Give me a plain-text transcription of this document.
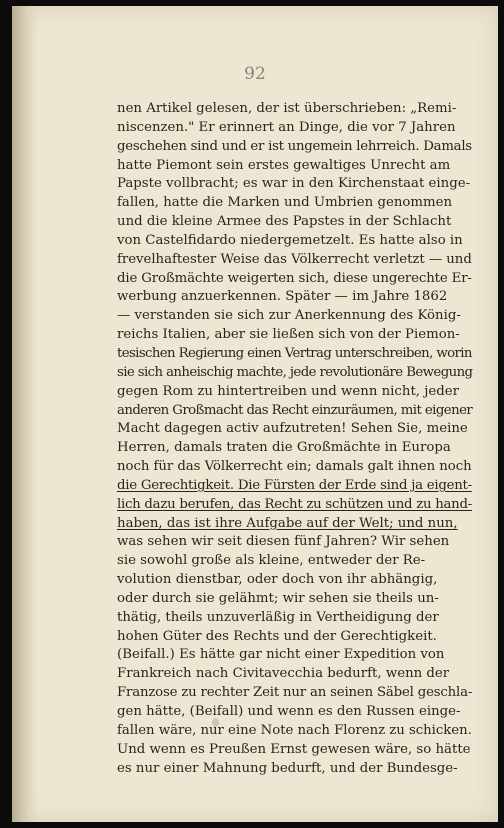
92
nen Artikel gelesen, der ist überschrieben: „Remi-
niscenzen." Er erinnert an Dinge, die vor 7 Jahren
geschehen sind und er ist ungemein lehrreich. Damals
hatte Piemont sein erstes gewaltiges Unrecht am
Papste vollbracht; es war in den Kirchenstaat einge-
fallen, hatte die Marken und Umbrien genommen
und die kleine Armee des Papstes in der Schlacht
von Castelfidardo niedergemetzelt. Es hatte also in
frevelhaftester Weise das Völkerrecht verletzt — und
die Großmächte weigerten sich, diese ungerechte Er-
werbung anzuerkennen. Später — im Jahre 1862
— verstanden sie sich zur Anerkennung des König-
reichs Italien, aber sie ließen sich von der Piemon-
tesischen Regierung einen Vertrag unterschreiben, worin
sie sich anheischig machte, jede revolutionäre Bewegung
gegen Rom zu hintertreiben und wenn nicht, jeder
anderen Großmacht das Recht einzuräumen, mit eigener
Macht dagegen activ aufzutreten! Sehen Sie, meine
Herren, damals traten die Großmächte in Europa
noch für das Völkerrecht ein; damals galt ihnen noch
die Gerechtigkeit. Die Fürsten der Erde sind ja eigent-
lich dazu berufen, das Recht zu schützen und zu hand-
haben, das ist ihre Aufgabe auf der Welt; und nun,
was sehen wir seit diesen fünf Jahren? Wir sehen
sie sowohl große als kleine, entweder der Re-
volution dienstbar, oder doch von ihr abhängig,
oder durch sie gelähmt; wir sehen sie theils un-
thätig, theils unzuverläßig in Vertheidigung der
hohen Güter des Rechts und der Gerechtigkeit.
(Beifall.) Es hätte gar nicht einer Expedition von
Frankreich nach Civitavecchia bedurft, wenn der
Franzose zu rechter Zeit nur an seinen Säbel geschla-
gen hätte, (Beifall) und wenn es den Russen einge-
fallen wäre, nur eine Note nach Florenz zu schicken.
Und wenn es Preußen Ernst gewesen wäre, so hätte
es nur einer Mahnung bedurft, und der Bundesge-
